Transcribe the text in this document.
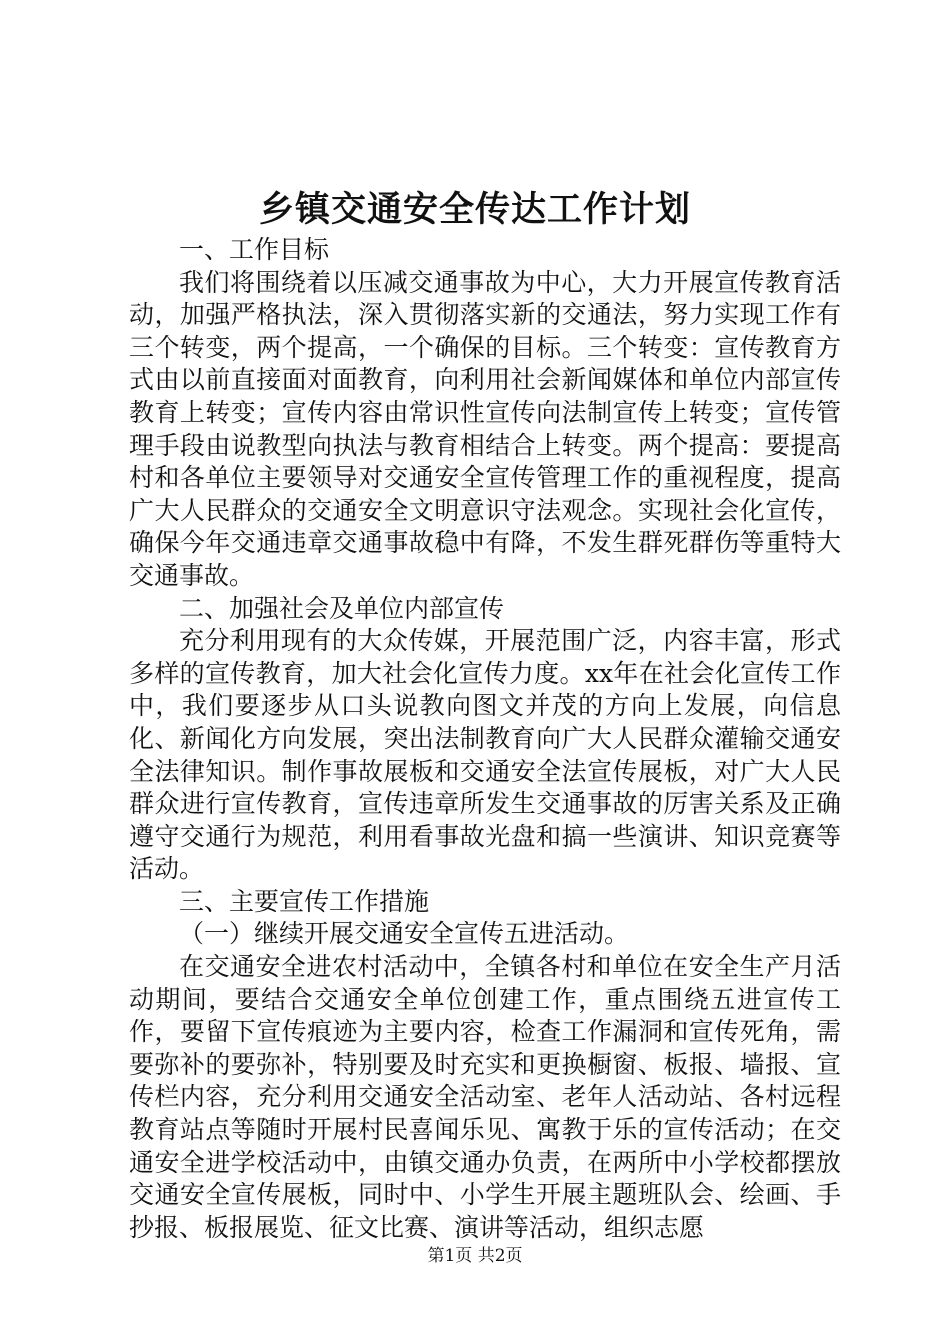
乡镇交通安全传达工作计划

一、工作目标

我们将围绕着以压减交通事故为中心，大力开展宣传教育活动，加强严格执法，深入贯彻落实新的交通法，努力实现工作有三个转变，两个提高，一个确保的目标。三个转变：宣传教育方式由以前直接面对面教育，向利用社会新闻媒体和单位内部宣传教育上转变；宣传内容由常识性宣传向法制宣传上转变；宣传管理手段由说教型向执法与教育相结合上转变。两个提高：要提高村和各单位主要领导对交通安全宣传管理工作的重视程度，提高广大人民群众的交通安全文明意识守法观念。实现社会化宣传，确保今年交通违章交通事故稳中有降，不发生群死群伤等重特大交通事故。

二、加强社会及单位内部宣传

充分利用现有的大众传媒，开展范围广泛，内容丰富，形式多样的宣传教育，加大社会化宣传力度。xx年在社会化宣传工作中，我们要逐步从口头说教向图文并茂的方向上发展，向信息化、新闻化方向发展，突出法制教育向广大人民群众灌输交通安全法律知识。制作事故展板和交通安全法宣传展板，对广大人民群众进行宣传教育，宣传违章所发生交通事故的厉害关系及正确遵守交通行为规范，利用看事故光盘和搞一些演讲、知识竞赛等活动。

三、主要宣传工作措施

（一）继续开展交通安全宣传五进活动。

在交通安全进农村活动中，全镇各村和单位在安全生产月活动期间，要结合交通安全单位创建工作，重点围绕五进宣传工作，要留下宣传痕迹为主要内容，检查工作漏洞和宣传死角，需要弥补的要弥补，特别要及时充实和更换橱窗、板报、墙报、宣传栏内容，充分利用交通安全活动室、老年人活动站、各村远程教育站点等随时开展村民喜闻乐见、寓教于乐的宣传活动；在交通安全进学校活动中，由镇交通办负责，在两所中小学校都摆放交通安全宣传展板，同时中、小学生开展主题班队会、绘画、手抄报、板报展览、征文比赛、演讲等活动，组织志愿

第1页 共2页
